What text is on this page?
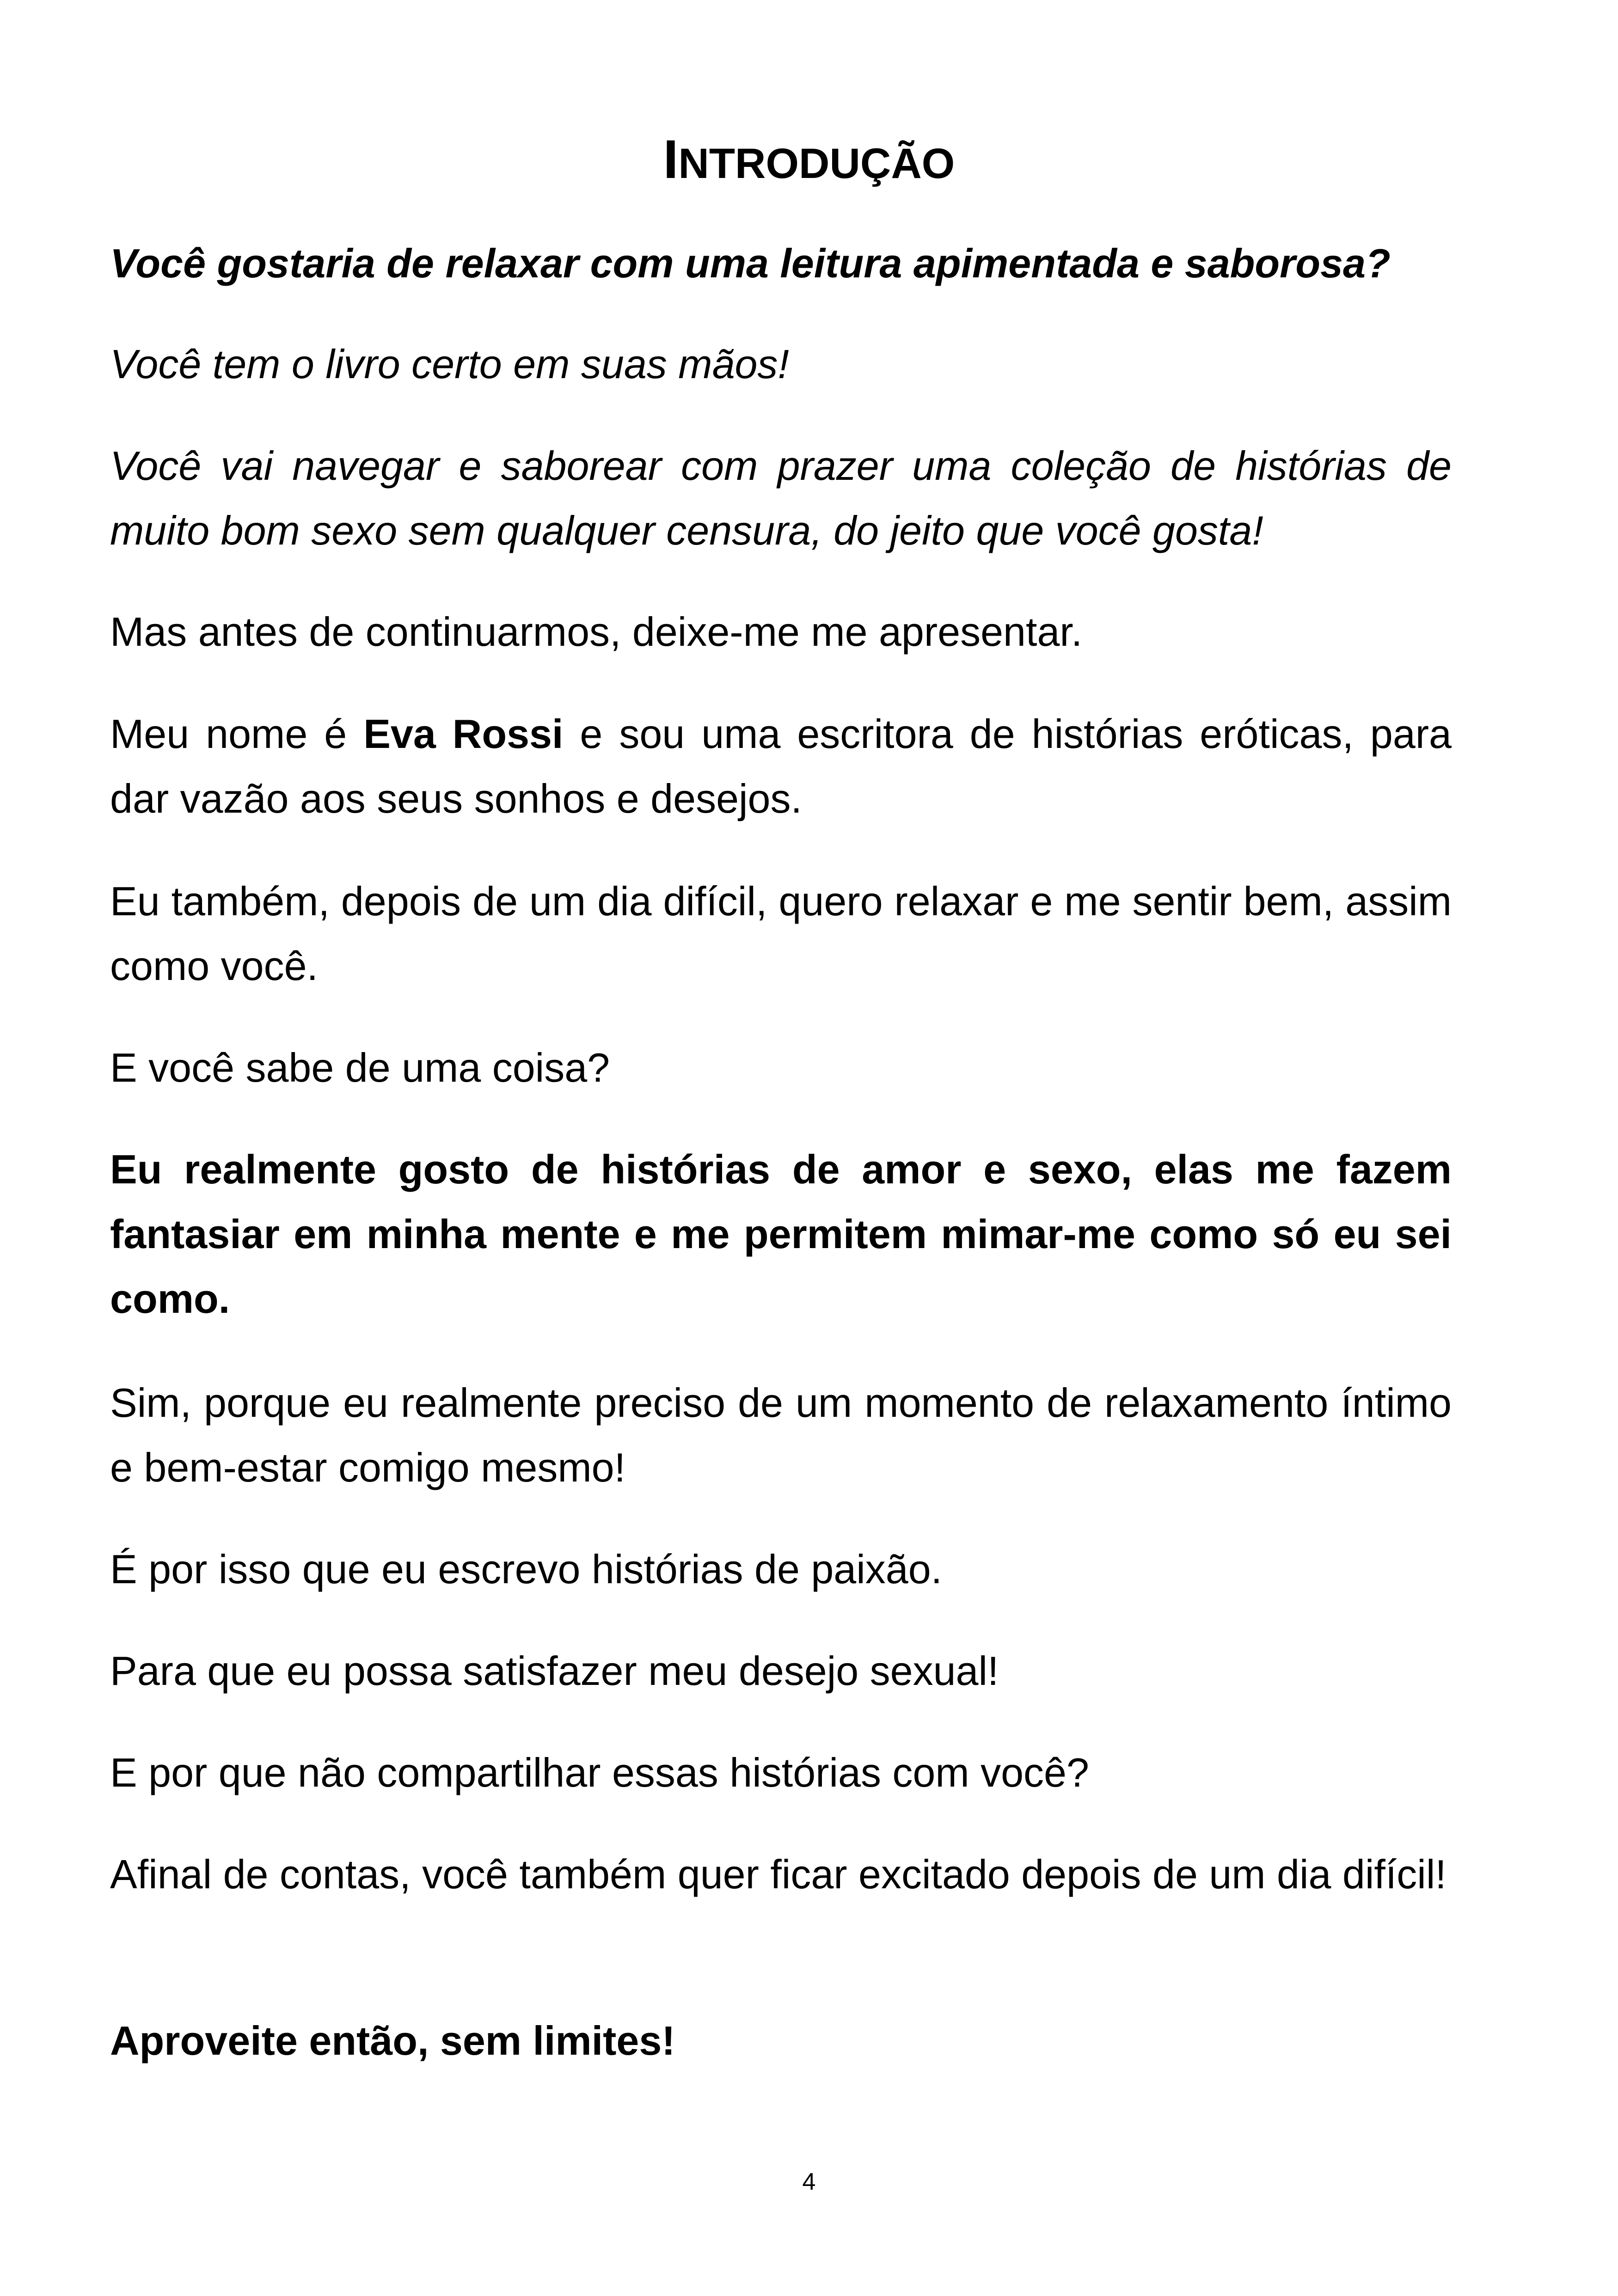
INTRODUÇÃO

Você gostaria de relaxar com uma leitura apimentada e saborosa?

Você tem o livro certo em suas mãos!

Você vai navegar e saborear com prazer uma coleção de histórias de muito bom sexo sem qualquer censura, do jeito que você gosta!

Mas antes de continuarmos, deixe-me me apresentar.

Meu nome é Eva Rossi e sou uma escritora de histórias eróticas, para dar vazão aos seus sonhos e desejos.

Eu também, depois de um dia difícil, quero relaxar e me sentir bem, assim como você.

E você sabe de uma coisa?

Eu realmente gosto de histórias de amor e sexo, elas me fazem fantasiar em minha mente e me permitem mimar-me como só eu sei como.

Sim, porque eu realmente preciso de um momento de relaxamento íntimo e bem-estar comigo mesmo!

É por isso que eu escrevo histórias de paixão.

Para que eu possa satisfazer meu desejo sexual!

E por que não compartilhar essas histórias com você?

Afinal de contas, você também quer ficar excitado depois de um dia difícil!

Aproveite então, sem limites!

4
